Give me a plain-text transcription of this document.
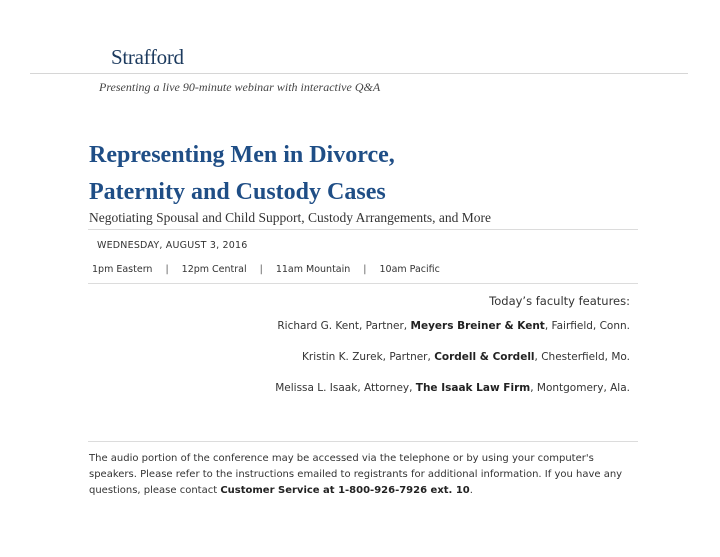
Strafford
Presenting a live 90-minute webinar with interactive Q&A
Representing Men in Divorce,
Paternity and Custody Cases
Negotiating Spousal and Child Support, Custody Arrangements, and More
WEDNESDAY, AUGUST 3, 2016
1pm Eastern | 12pm Central | 11am Mountain | 10am Pacific
Today’s faculty features:
Richard G. Kent, Partner, Meyers Breiner & Kent, Fairfield, Conn.
Kristin K. Zurek, Partner, Cordell & Cordell, Chesterfield, Mo.
Melissa L. Isaak, Attorney, The Isaak Law Firm, Montgomery, Ala.

The audio portion of the conference may be accessed via the telephone or by using your computer's speakers. Please refer to the instructions emailed to registrants for additional information. If you have any questions, please contact Customer Service at 1-800-926-7926 ext. 10.
